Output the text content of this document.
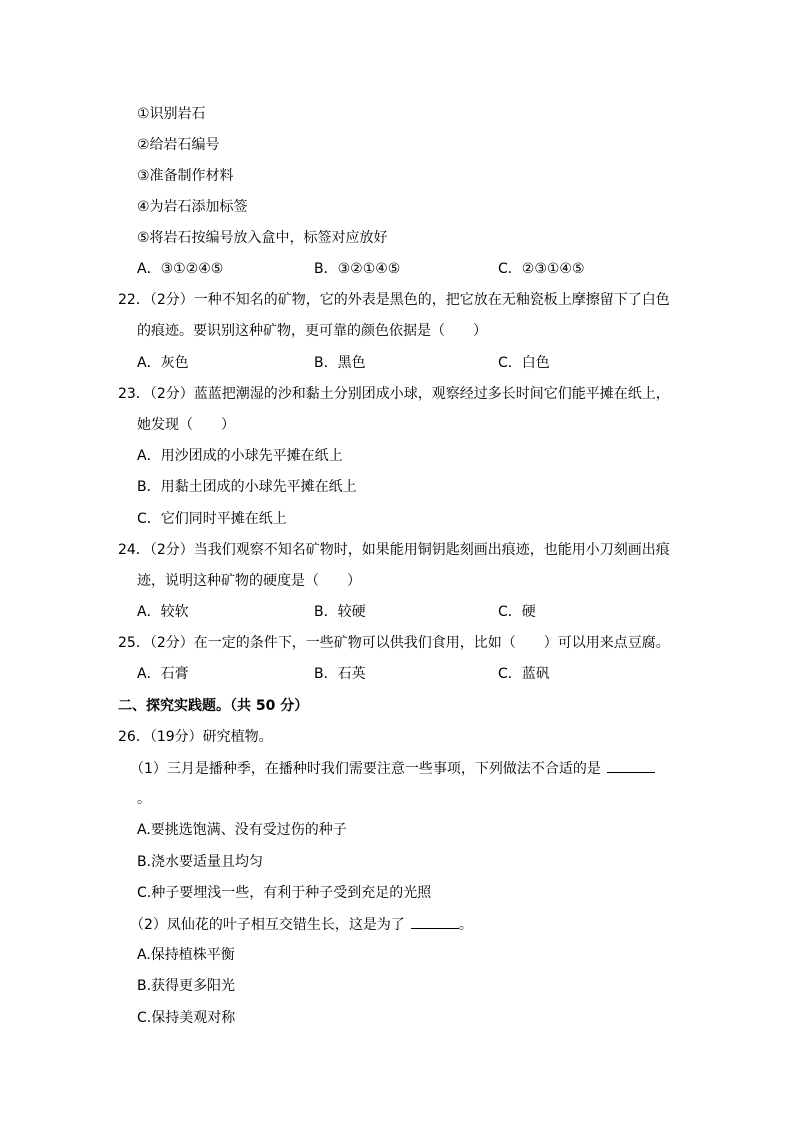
①识别岩石
②给岩石编号
③准备制作材料
④为岩石添加标签
⑤将岩石按编号放入盒中，标签对应放好
A．③①②④⑤	B．③②①④⑤	C．②③①④⑤
22．（2分）一种不知名的矿物，它的外表是黑色的，把它放在无釉瓷板上摩擦留下了白色
的痕迹。要识别这种矿物，更可靠的颜色依据是（　　）
A．灰色	B．黑色	C．白色
23．（2分）蓝蓝把潮湿的沙和黏土分别团成小球，观察经过多长时间它们能平摊在纸上，
她发现（　　）
A．用沙团成的小球先平摊在纸上
B．用黏土团成的小球先平摊在纸上
C．它们同时平摊在纸上
24．（2分）当我们观察不知名矿物时，如果能用铜钥匙刻画出痕迹，也能用小刀刻画出痕
迹，说明这种矿物的硬度是（　　）
A．较软	B．较硬	C．硬
25．（2分）在一定的条件下，一些矿物可以供我们食用，比如（　　）可以用来点豆腐。
A．石膏	B．石英	C．蓝矾
二、探究实践题。（共 50 分）
26．（19分）研究植物。
（1）三月是播种季，在播种时我们需要注意一些事项，下列做法不合适的是
。
A.要挑选饱满、没有受过伤的种子
B.浇水要适量且均匀
C.种子要埋浅一些，有利于种子受到充足的光照
（2）凤仙花的叶子相互交错生长，这是为了	。
A.保持植株平衡
B.获得更多阳光
C.保持美观对称
